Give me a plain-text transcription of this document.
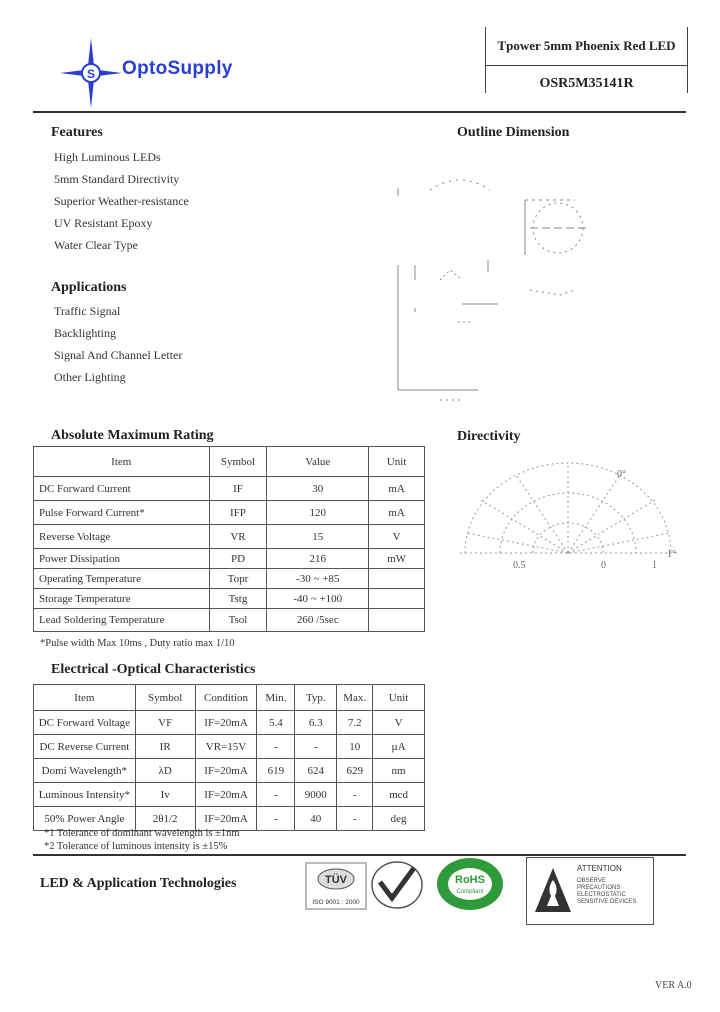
S OptoSupply
Tpower 5mm Phoenix Red LED
OSR5M35141R
Features
High Luminous LEDs
5mm Standard Directivity
Superior Weather-resistance
UV Resistant Epoxy
Water Clear Type
Applications
Traffic Signal
Backlighting
Signal And Channel Letter
Other Lighting
Outline Dimension
Directivity
0°
1°
0.5	0	1
Absolute Maximum Rating
Item	Symbol	Value	Unit
DC Forward Current	IF	30	mA
Pulse Forward Current*	IFP	120	mA
Reverse Voltage	VR	15	V
Power Dissipation	PD	216	mW
Operating Temperature	Topr	-30 ~ +85	
Storage Temperature	Tstg	-40 ~ +100	
Lead Soldering Temperature	Tsol	260 /5sec	
*Pulse width Max 10ms , Duty ratio max 1/10
Electrical -Optical Characteristics
Item	Symbol	Condition	Min.	Typ.	Max.	Unit
DC Forward Voltage	VF	IF=20mA	5.4	6.3	7.2	V
DC Reverse Current	IR	VR=15V	-	-	10	µA
Domi Wavelength*	λD	IF=20mA	619	624	629	nm
Luminous Intensity*	Iv	IF=20mA	-	9000	-	mcd
50% Power Angle	2θ1/2	IF=20mA	-	40	-	deg
*1 Tolerance of dominant wavelength is ±1nm
*2 Tolerance of luminous intensity is ±15%
LED & Application Technologies	TÜV
ISO 9001 : 2000
RoHS
Compliant
ATTENTION
OBSERVE PRECAUTIONS ELECTROSTATIC SENSITIVE DEVICES
VER A.0
